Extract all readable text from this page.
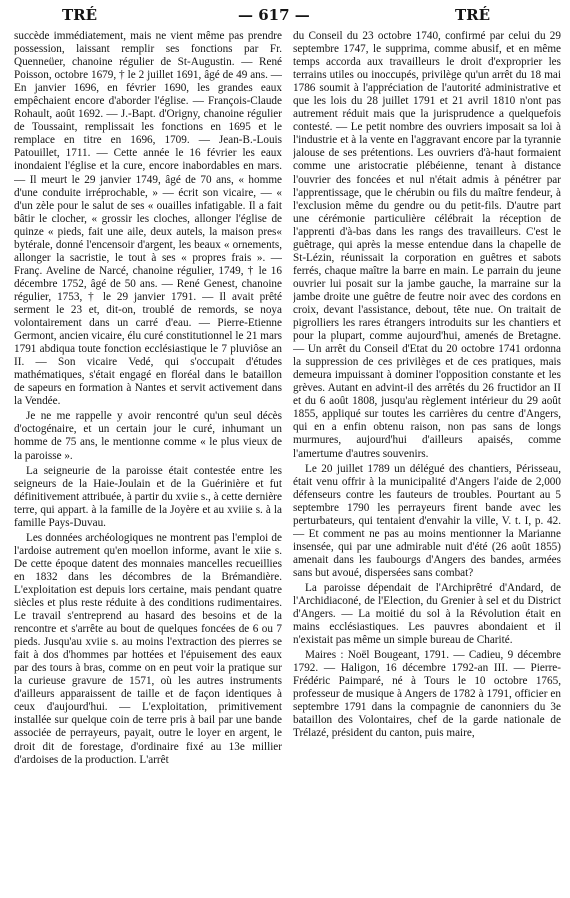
TRÉ	— 617 —	TRÉ

succède immédiatement, mais ne vient même pas prendre possession, laissant remplir ses fonctions par Fr. Quenneüer, chanoine régulier de St-Augustin. — René Poisson, octobre 1679, † le 2 juillet 1691, âgé de 49 ans. — En janvier 1696, en février 1690, les grandes eaux empêchaient encore d'aborder l'église. — François-Claude Rohault, août 1692. — J.-Bapt. d'Origny, chanoine régulier de Toussaint, remplissait les fonctions en 1695 et le remplace en titre en 1696, 1709. — Jean-B.-Louis Patouillet, 1711. — Cette année le 16 février les eaux inondaient l'église et la cure, encore inabordables en mars. — Il meurt le 29 janvier 1749, âgé de 70 ans, « homme d'une conduite irréprochable, » — écrit son vicaire, — « d'un zèle pour le salut de ses « ouailles infatigable. Il a fait bâtir le clocher, « grossir les cloches, allonger l'église de quinze « pieds, fait une aile, deux autels, la maison pres« bytérale, donné l'encensoir d'argent, les beaux « ornements, allonger la sacristie, le tout à ses « propres frais ». — Franç. Aveline de Narcé, chanoine régulier, 1749, † le 16 décembre 1752, âgé de 50 ans. — René Genest, chanoine régulier, 1753, † le 29 janvier 1791. — Il avait prêté serment le 23 et, dit-on, troublé de remords, se noya volontairement dans un carré d'eau. — Pierre-Etienne Germont, ancien vicaire, élu curé constitutionnel le 21 mars 1791 abdiqua toute fonction ecclésiastique le 7 pluviôse an II. — Son vicaire Vedé, qui s'occupait d'études mathématiques, s'était engagé en floréal dans le bataillon de sapeurs en formation à Nantes et servit activement dans la Vendée.

Je ne me rappelle y avoir rencontré qu'un seul décès d'octogénaire, et un certain jour le curé, inhumant un homme de 75 ans, le mentionne comme « le plus vieux de la paroisse ».

La seigneurie de la paroisse était contestée entre les seigneurs de la Haie-Joulain et de la Guérinière et fut définitivement attribuée, à partir du xviie s., à cette dernière terre, qui appart. à la famille de la Joyère et au xviiie s. à la famille Pays-Duvau.

Les données archéologiques ne montrent pas l'emploi de l'ardoise autrement qu'en moellon informe, avant le xiie s. De cette époque datent des monnaies mancelles recueillies en 1832 dans les décombres de la Brémandière. L'exploitation est depuis lors certaine, mais pendant quatre siècles et plus reste réduite à des conditions rudimentaires. Le travail s'entreprend au hasard des besoins et de la rencontre et s'arrête au bout de quelques foncées de 6 ou 7 pieds. Jusqu'au xviie s. au moins l'extraction des pierres se fait à dos d'hommes par hottées et l'épuisement des eaux par des tours à bras, comme on en peut voir la pratique sur la curieuse gravure de 1571, où les autres instruments d'ailleurs apparaissent de taille et de façon identiques à ceux d'aujourd'hui. — L'exploitation, primitivement installée sur quelque coin de terre pris à bail par une bande associée de perrayeurs, payait, outre le loyer en argent, le droit dit de forestage, d'ordinaire fixé au 13e millier d'ardoises de la production. L'arrêt

du Conseil du 23 octobre 1740, confirmé par celui du 29 septembre 1747, le supprima, comme abusif, et en même temps accorda aux travailleurs le droit d'exproprier les terrains utiles ou inoccupés, privilège qu'un arrêt du 18 mai 1786 soumit à l'appréciation de l'autorité administrative et que les lois du 28 juillet 1791 et 21 avril 1810 n'ont pas autrement réduit mais que la jurisprudence a quelquefois contesté. — Le petit nombre des ouvriers imposait sa loi à l'industrie et à la vente en l'aggravant encore par la tyrannie jalouse de ses prétentions. Les ouvriers d'à-haut formaient comme une aristocratie plébéienne, tenant à distance l'ouvrier des foncées et nul n'était admis à pénétrer par l'apprentissage, que le chérubin ou fils du maître fendeur, à l'exclusion même du gendre ou du petit-fils. D'autre part une cérémonie particulière célébrait la réception de l'apprenti d'à-bas dans les rangs des travailleurs. C'est le guêtrage, qui après la messe entendue dans la chapelle de St-Lézin, réunissait la corporation en guêtres et sabots ferrés, chaque maître la barre en main. Le parrain du jeune ouvrier lui posait sur la jambe gauche, la marraine sur la jambe droite une guêtre de feutre noir avec des cordons en croix, devant l'assistance, debout, tête nue. On traitait de pigrolliers les rares étrangers introduits sur les chantiers et pour la plupart, comme aujourd'hui, amenés de Bretagne. — Un arrêt du Conseil d'Etat du 20 octobre 1741 ordonna la suppression de ces privilèges et de ces pratiques, mais demeura impuissant à dominer l'opposition constante et les grèves. Autant en advint-il des arrêtés du 26 fructidor an II et du 6 août 1808, jusqu'au règlement intérieur du 29 août 1855, appliqué sur toutes les carrières du centre d'Angers, qui en a enfin obtenu raison, non pas sans de longs murmures, aujourd'hui d'ailleurs apaisés, comme l'amertume d'autres souvenirs.

Le 20 juillet 1789 un délégué des chantiers, Périsseau, était venu offrir à la municipalité d'Angers l'aide de 2,000 défenseurs contre les fauteurs de troubles. Pourtant au 5 septembre 1790 les perrayeurs firent bande avec les perturbateurs, qui tentaient d'envahir la ville, V. t. I, p. 42. — Et comment ne pas au moins mentionner la Marianne insensée, qui par une admirable nuit d'été (26 août 1855) amenait dans les faubourgs d'Angers des bandes, armées sans but avoué, dispersées sans combat?

La paroisse dépendait de l'Archiprêtré d'Andard, de l'Archidiaconé, de l'Election, du Grenier à sel et du District d'Angers. — La moitié du sol à la Révolution était en mains ecclésiastiques. Les pauvres abondaient et il n'existait pas même un simple bureau de Charité.

Maires : Noël Bougeant, 1791. — Cadieu, 9 décembre 1792. — Haligon, 16 décembre 1792-an III. — Pierre-Frédéric Paimparé, né à Tours le 10 octobre 1765, professeur de musique à Angers de 1782 à 1791, officier en septembre 1791 dans la compagnie de canonniers du 3e bataillon des Volontaires, chef de la garde nationale de Trélazé, président du canton, puis maire,
